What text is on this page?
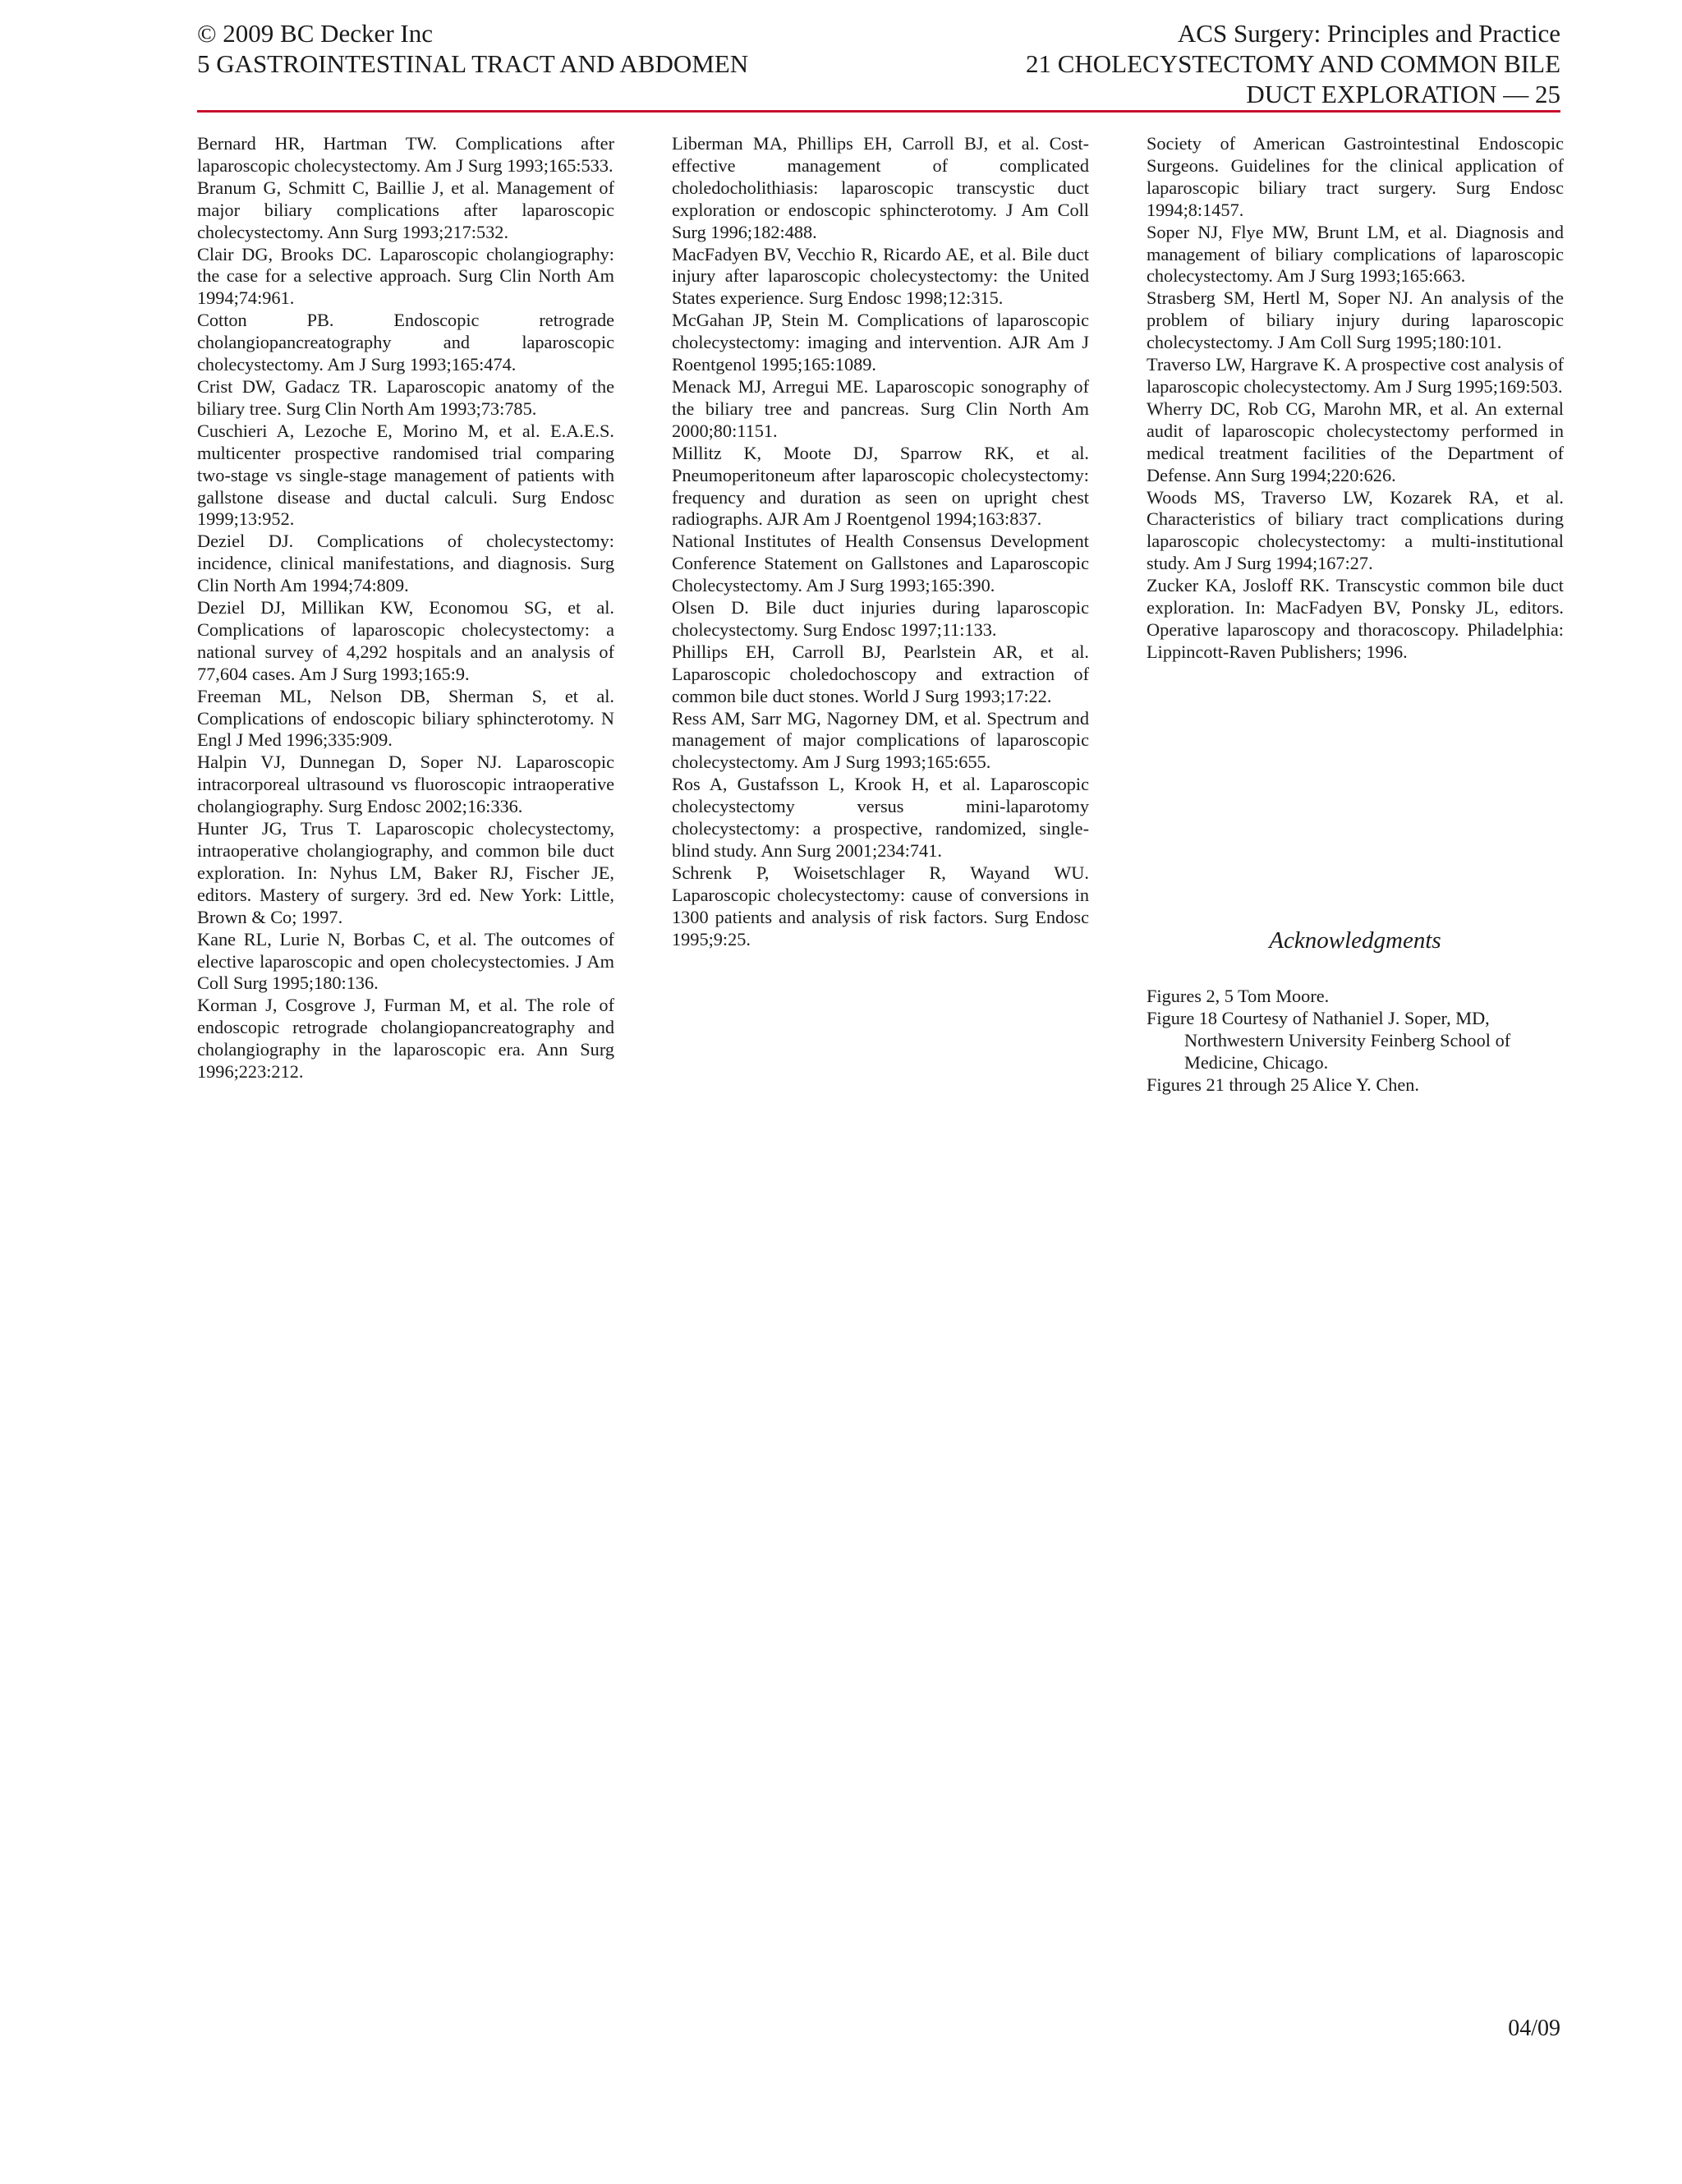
© 2009 BC Decker Inc
5 GASTROINTESTINAL TRACT AND ABDOMEN
ACS Surgery: Principles and Practice
21 CHOLECYSTECTOMY AND COMMON BILE
DUCT EXPLORATION — 25

Bernard HR, Hartman TW. Complications after laparoscopic cholecystectomy. Am J Surg 1993;165:533.

Branum G, Schmitt C, Baillie J, et al. Management of major biliary complications after laparoscopic cholecystectomy. Ann Surg 1993;217:532.

Clair DG, Brooks DC. Laparoscopic cholangiography: the case for a selective approach. Surg Clin North Am 1994;74:961.

Cotton PB. Endoscopic retrograde cholangiopancreatography and laparoscopic cholecystectomy. Am J Surg 1993;165:474.

Crist DW, Gadacz TR. Laparoscopic anatomy of the biliary tree. Surg Clin North Am 1993;73:785.

Cuschieri A, Lezoche E, Morino M, et al. E.A.E.S. multicenter prospective randomised trial comparing two-stage vs single-stage management of patients with gallstone disease and ductal calculi. Surg Endosc 1999;13:952.

Deziel DJ. Complications of cholecystectomy: incidence, clinical manifestations, and diagnosis. Surg Clin North Am 1994;74:809.

Deziel DJ, Millikan KW, Economou SG, et al. Complications of laparoscopic cholecystectomy: a national survey of 4,292 hospitals and an analysis of 77,604 cases. Am J Surg 1993;165:9.

Freeman ML, Nelson DB, Sherman S, et al. Complications of endoscopic biliary sphincterotomy. N Engl J Med 1996;335:909.

Halpin VJ, Dunnegan D, Soper NJ. Laparoscopic intracorporeal ultrasound vs fluoroscopic intraoperative cholangiography. Surg Endosc 2002;16:336.

Hunter JG, Trus T. Laparoscopic cholecystectomy, intraoperative cholangiography, and common bile duct exploration. In: Nyhus LM, Baker RJ, Fischer JE, editors. Mastery of surgery. 3rd ed. New York: Little, Brown & Co; 1997.

Kane RL, Lurie N, Borbas C, et al. The outcomes of elective laparoscopic and open cholecystectomies. J Am Coll Surg 1995;180:136.

Korman J, Cosgrove J, Furman M, et al. The role of endoscopic retrograde cholangiopancreatography and cholangiography in the laparoscopic era. Ann Surg 1996;223:212.

Liberman MA, Phillips EH, Carroll BJ, et al. Cost-effective management of complicated choledocholithiasis: laparoscopic transcystic duct exploration or endoscopic sphincterotomy. J Am Coll Surg 1996;182:488.

MacFadyen BV, Vecchio R, Ricardo AE, et al. Bile duct injury after laparoscopic cholecystectomy: the United States experience. Surg Endosc 1998;12:315.

McGahan JP, Stein M. Complications of laparoscopic cholecystectomy: imaging and intervention. AJR Am J Roentgenol 1995;165:1089.

Menack MJ, Arregui ME. Laparoscopic sonography of the biliary tree and pancreas. Surg Clin North Am 2000;80:1151.

Millitz K, Moote DJ, Sparrow RK, et al. Pneumoperitoneum after laparoscopic cholecystectomy: frequency and duration as seen on upright chest radiographs. AJR Am J Roentgenol 1994;163:837.

National Institutes of Health Consensus Development Conference Statement on Gallstones and Laparoscopic Cholecystectomy. Am J Surg 1993;165:390.

Olsen D. Bile duct injuries during laparoscopic cholecystectomy. Surg Endosc 1997;11:133.

Phillips EH, Carroll BJ, Pearlstein AR, et al. Laparoscopic choledochoscopy and extraction of common bile duct stones. World J Surg 1993;17:22.

Ress AM, Sarr MG, Nagorney DM, et al. Spectrum and management of major complications of laparoscopic cholecystectomy. Am J Surg 1993;165:655.

Ros A, Gustafsson L, Krook H, et al. Laparoscopic cholecystectomy versus mini-laparotomy cholecystectomy: a prospective, randomized, single-blind study. Ann Surg 2001;234:741.

Schrenk P, Woisetschlager R, Wayand WU. Laparoscopic cholecystectomy: cause of conversions in 1300 patients and analysis of risk factors. Surg Endosc 1995;9:25.

Society of American Gastrointestinal Endoscopic Surgeons. Guidelines for the clinical application of laparoscopic biliary tract surgery. Surg Endosc 1994;8:1457.

Soper NJ, Flye MW, Brunt LM, et al. Diagnosis and management of biliary complications of laparoscopic cholecystectomy. Am J Surg 1993;165:663.

Strasberg SM, Hertl M, Soper NJ. An analysis of the problem of biliary injury during laparoscopic cholecystectomy. J Am Coll Surg 1995;180:101.

Traverso LW, Hargrave K. A prospective cost analysis of laparoscopic cholecystectomy. Am J Surg 1995;169:503.

Wherry DC, Rob CG, Marohn MR, et al. An external audit of laparoscopic cholecystectomy performed in medical treatment facilities of the Department of Defense. Ann Surg 1994;220:626.

Woods MS, Traverso LW, Kozarek RA, et al. Characteristics of biliary tract complications during laparoscopic cholecystectomy: a multi-institutional study. Am J Surg 1994;167:27.

Zucker KA, Josloff RK. Transcystic common bile duct exploration. In: MacFadyen BV, Ponsky JL, editors. Operative laparoscopy and thoracoscopy. Philadelphia: Lippincott-Raven Publishers; 1996.

Acknowledgments

Figures 2, 5 Tom Moore.

Figure 18 Courtesy of Nathaniel J. Soper, MD, Northwestern University Feinberg School of Medicine, Chicago.

Figures 21 through 25 Alice Y. Chen.

04/09
